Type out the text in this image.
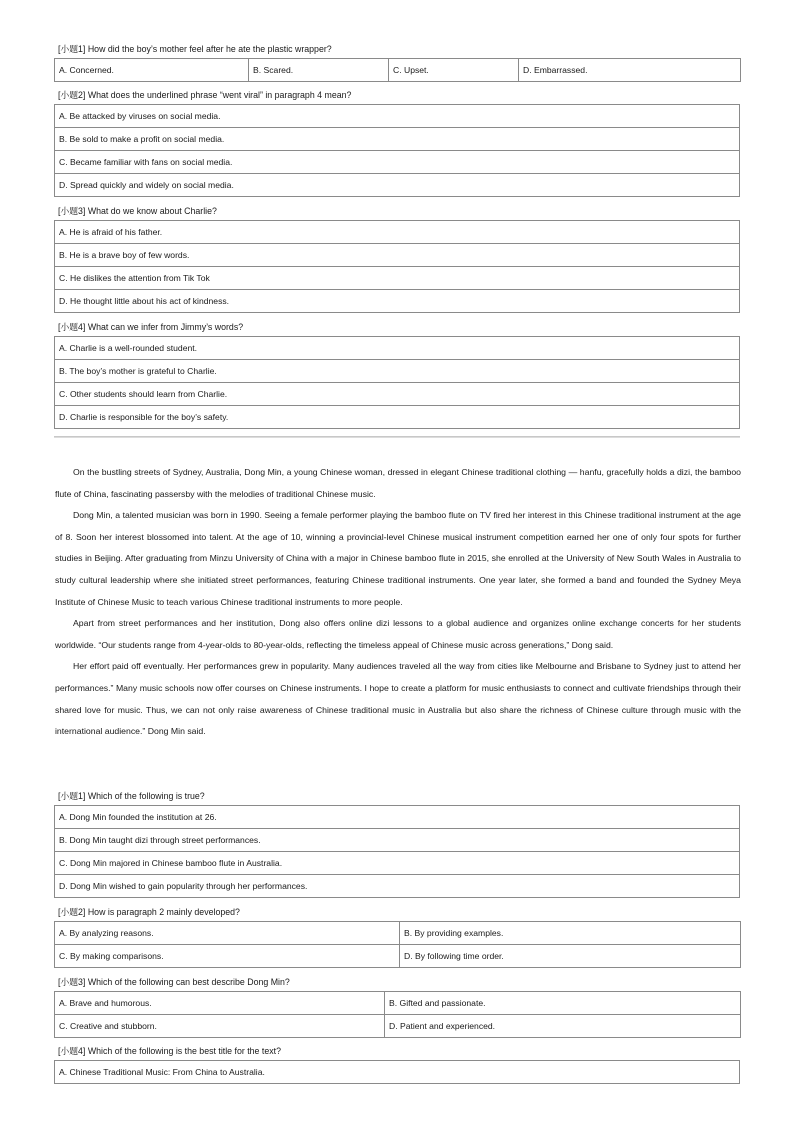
[小题1] How did the boy’s mother feel after he ate the plastic wrapper?
A. Concerned.	B. Scared.	C. Upset.	D. Embarrassed.
[小题2] What does the underlined phrase “went viral” in paragraph 4 mean?
A. Be attacked by viruses on social media.
B. Be sold to make a profit on social media.
C. Became familiar with fans on social media.
D. Spread quickly and widely on social media.
[小题3] What do we know about Charlie?
A. He is afraid of his father.
B. He is a brave boy of few words.
C. He dislikes the attention from Tik Tok
D. He thought little about his act of kindness.
[小题4] What can we infer from Jimmy’s words?
A. Charlie is a well-rounded student.
B. The boy’s mother is grateful to Charlie.
C. Other students should learn from Charlie.
D. Charlie is responsible for the boy’s safety.

On the bustling streets of Sydney, Australia, Dong Min, a young Chinese woman, dressed in elegant Chinese traditional clothing — hanfu, gracefully holds a dizi, the bamboo flute of China, fascinating passersby with the melodies of traditional Chinese music.

Dong Min, a talented musician was born in 1990. Seeing a female performer playing the bamboo flute on TV fired her interest in this Chinese traditional instrument at the age of 8. Soon her interest blossomed into talent. At the age of 10, winning a provincial-level Chinese musical instrument competition earned her one of only four spots for further studies in Beijing. After graduating from Minzu University of China with a major in Chinese bamboo flute in 2015, she enrolled at the University of New South Wales in Australia to study cultural leadership where she initiated street performances, featuring Chinese traditional instruments. One year later, she formed a band and founded the Sydney Meya Institute of Chinese Music to teach various Chinese traditional instruments to more people.

Apart from street performances and her institution, Dong also offers online dizi lessons to a global audience and organizes online exchange concerts for her students worldwide. “Our students range from 4-year-olds to 80-year-olds, reflecting the timeless appeal of Chinese music across generations,” Dong said.

Her effort paid off eventually. Her performances grew in popularity. Many audiences traveled all the way from cities like Melbourne and Brisbane to Sydney just to attend her performances.” Many music schools now offer courses on Chinese instruments. I hope to create a platform for music enthusiasts to connect and cultivate friendships through their shared love for music. Thus, we can not only raise awareness of Chinese traditional music in Australia but also share the richness of Chinese culture through music with the international audience.” Dong Min said.

[小题1] Which of the following is true?
A. Dong Min founded the institution at 26.
B. Dong Min taught dizi through street performances.
C. Dong Min majored in Chinese bamboo flute in Australia.
D. Dong Min wished to gain popularity through her performances.
[小题2] How is paragraph 2 mainly developed?
A. By analyzing reasons.	B. By providing examples.
C. By making comparisons.	D. By following time order.
[小题3] Which of the following can best describe Dong Min?
A. Brave and humorous.	B. Gifted and passionate.
C. Creative and stubborn.	D. Patient and experienced.
[小题4] Which of the following is the best title for the text?
A. Chinese Traditional Music: From China to Australia.
